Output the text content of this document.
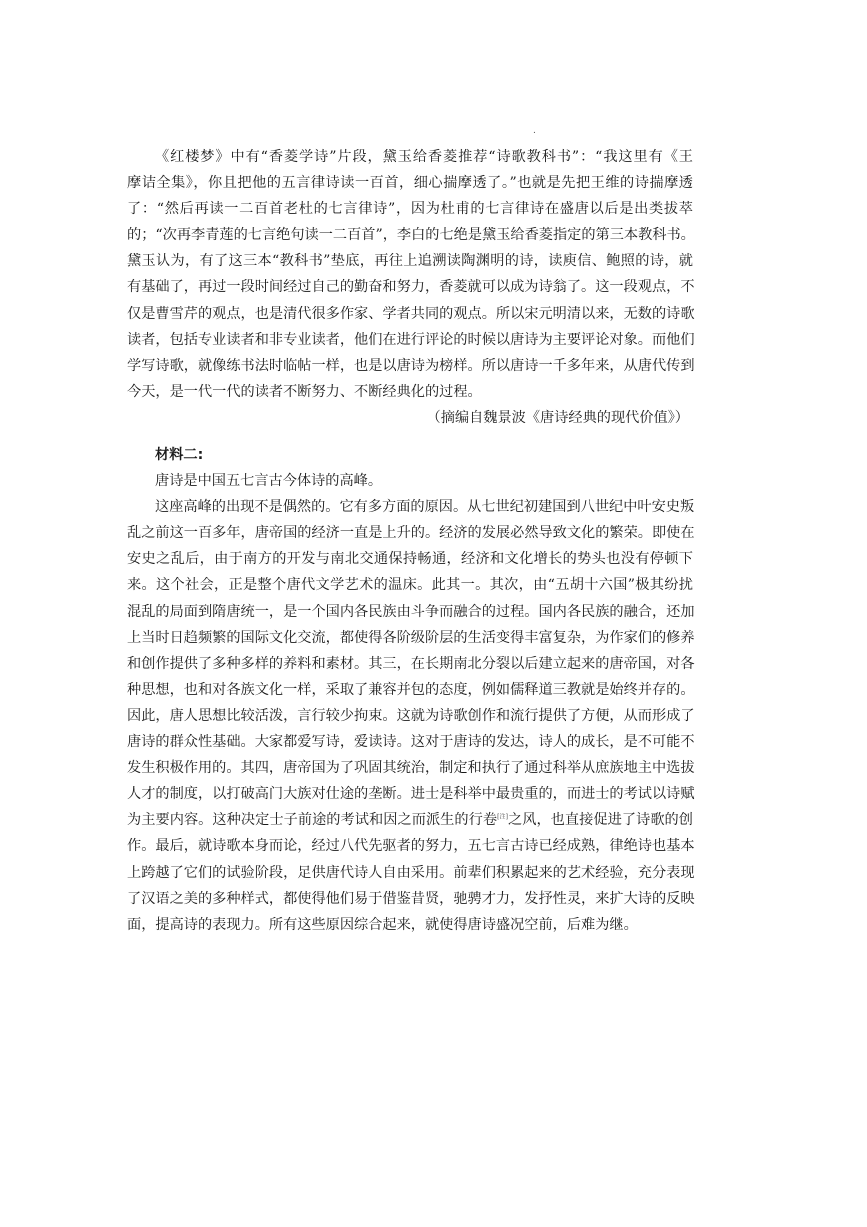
.
《红楼梦》中有“香菱学诗”片段，黛玉给香菱推荐“诗歌教科书”：“我这里有《王
摩诘全集》，你且把他的五言律诗读一百首，细心揣摩透了。”也就是先把王维的诗揣摩透
了：“然后再读一二百首老杜的七言律诗”，因为杜甫的七言律诗在盛唐以后是出类拔萃
的；“次再李青莲的七言绝句读一二百首”，李白的七绝是黛玉给香菱指定的第三本教科书。
黛玉认为，有了这三本“教科书”垫底，再往上追溯读陶渊明的诗，读庾信、鲍照的诗，就
有基础了，再过一段时间经过自己的勤奋和努力，香菱就可以成为诗翁了。这一段观点，不
仅是曹雪芹的观点，也是清代很多作家、学者共同的观点。所以宋元明清以来，无数的诗歌
读者，包括专业读者和非专业读者，他们在进行评论的时候以唐诗为主要评论对象。而他们
学写诗歌，就像练书法时临帖一样，也是以唐诗为榜样。所以唐诗一千多年来，从唐代传到
今天，是一代一代的读者不断努力、不断经典化的过程。
（摘编自魏景波《唐诗经典的现代价值》）
材料二:
唐诗是中国五七言古今体诗的高峰。
这座高峰的出现不是偶然的。它有多方面的原因。从七世纪初建国到八世纪中叶安史叛
乱之前这一百多年，唐帝国的经济一直是上升的。经济的发展必然导致文化的繁荣。即使在
安史之乱后，由于南方的开发与南北交通保持畅通，经济和文化增长的势头也没有停顿下
来。这个社会，正是整个唐代文学艺术的温床。此其一。其次，由“五胡十六国”极其纷扰
混乱的局面到隋唐统一，是一个国内各民族由斗争而融合的过程。国内各民族的融合，还加
上当时日趋频繁的国际文化交流，都使得各阶级阶层的生活变得丰富复杂，为作家们的修养
和创作提供了多种多样的养料和素材。其三，在长期南北分裂以后建立起来的唐帝国，对各
种思想，也和对各族文化一样，采取了兼容并包的态度，例如儒释道三教就是始终并存的。
因此，唐人思想比较活泼，言行较少拘束。这就为诗歌创作和流行提供了方便，从而形成了
唐诗的群众性基础。大家都爱写诗，爱读诗。这对于唐诗的发达，诗人的成长，是不可能不
发生积极作用的。其四，唐帝国为了巩固其统治，制定和执行了通过科举从庶族地主中选拔
人才的制度，以打破高门大族对仕途的垄断。进士是科举中最贵重的，而进士的考试以诗赋
为主要内容。这种决定士子前途的考试和因之而派生的行卷[注]之风，也直接促进了诗歌的创
作。最后，就诗歌本身而论，经过八代先驱者的努力，五七言古诗已经成熟，律绝诗也基本
上跨越了它们的试验阶段，足供唐代诗人自由采用。前辈们积累起来的艺术经验，充分表现
了汉语之美的多种样式，都使得他们易于借鉴昔贤，驰骋才力，发抒性灵，来扩大诗的反映
面，提高诗的表现力。所有这些原因综合起来，就使得唐诗盛况空前，后难为继。
